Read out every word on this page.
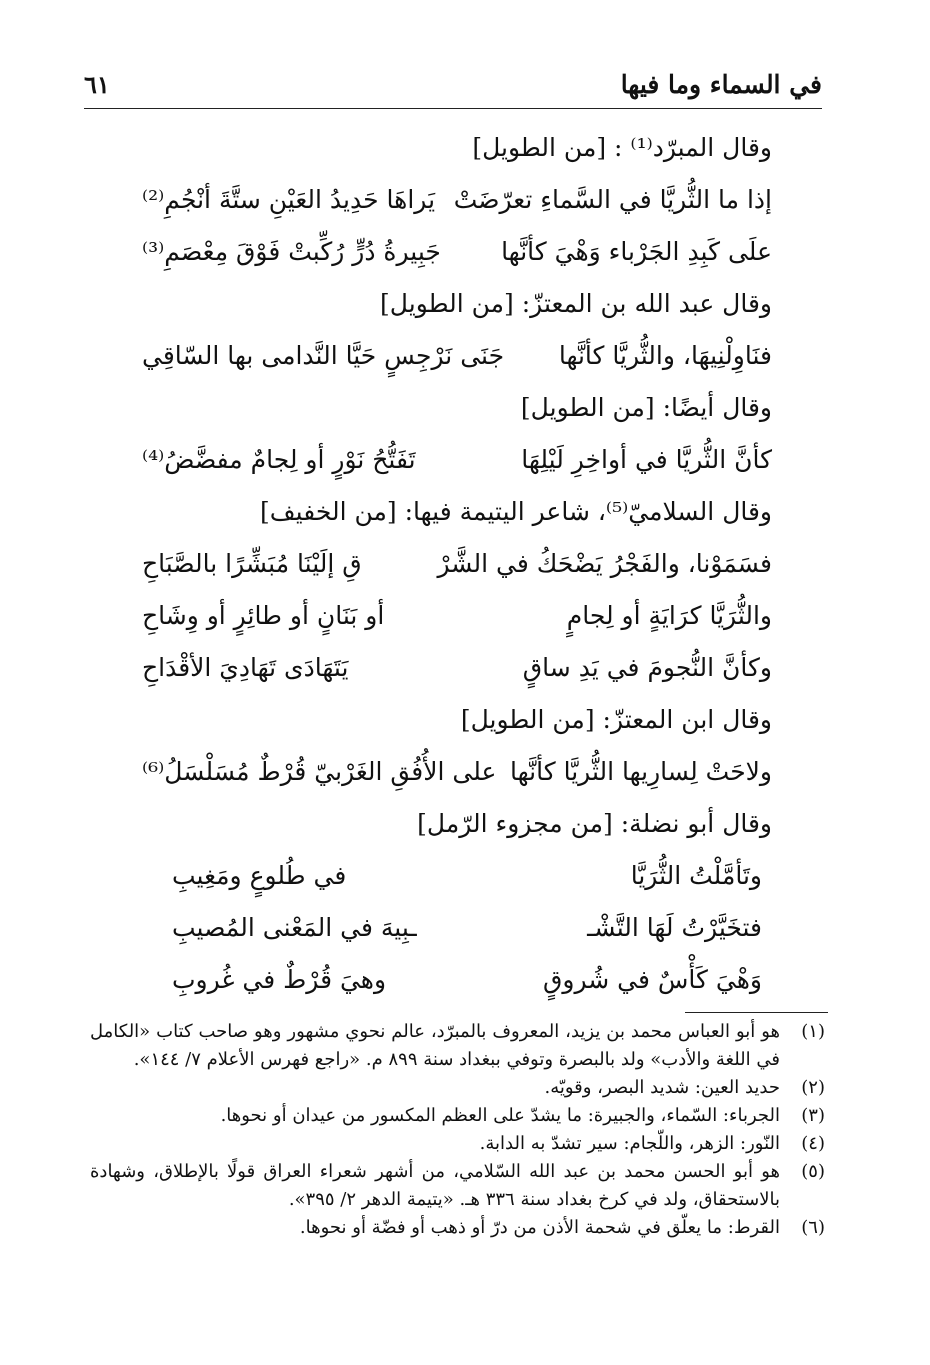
في السماء وما فيها
٦١
وقال المبرّد⁽¹⁾ : [من الطويل]
إذا ما الثُّريَّا في السَّماءِ تعرّضَتْ
يَراهَا حَدِيدُ العَيْنِ ستَّةَ أنْجُمِ⁽²⁾
علَى كَبِدِ الجَرْباء وَهْيَ كأنَّها
جَبِيرةُ دُرٍّ رُكِّبتْ فَوْقَ مِعْصَمِ⁽³⁾
وقال عبد الله بن المعتزّ: [من الطويل]
فنَاوِلْنِيهَا، والثُّريَّا كأنَّها
جَنَى نَرْجِسٍ حَيَّا النَّدامى بها السّاقِي
وقال أيضًا: [من الطويل]
كأنَّ الثُّريَّا في أواخِرِ لَيْلِهَا
تَفَتُّحُ نَوْرٍ أو لِجامٌ مفضَّضُ⁽⁴⁾
وقال السلاميّ⁽⁵⁾، شاعر اليتيمة فيها: [من الخفيف]
فسَمَوْنا، والفَجْرُ يَضْحَكُ في الشَّرْ
قِ إلَيْنَا مُبَشِّرًا بالصَّبَاحِ
والثُّرَيَّا كرَايَةٍ أو لِجامٍ
أو بَنَانٍ أو طائِرٍ أو وِشَاحِ
وكأنَّ النُّجومَ في يَدِ ساقٍ
يَتَهَادَى تَهَادِيَ الأقْدَاحِ
وقال ابن المعتزّ: [من الطويل]
ولاحَتْ لِسارِيها الثُّريَّا كأنَّها
على الأُفُقِ الغَرْبيّ قُرْطٌ مُسَلْسَلُ⁽⁶⁾
وقال أبو نضلة: [من مجزوء الرّمل]
وتَأمَّلْتُ الثُّرَيَّا
في طُلوعٍ ومَغِيبِ
فتخَيَّرْتُ لَهَا التَّشْـ
ـبِيهَ في المَعْنى المُصيبِ
وَهْيَ كَأْسٌ في شُروقٍ
وهيَ قُرْطٌ في غُروبِ
(١)
هو أبو العباس محمد بن يزيد، المعروف بالمبرّد، عالم نحوي مشهور وهو صاحب كتاب «الكامل في اللغة والأدب» ولد بالبصرة وتوفي ببغداد سنة ٨٩٩ م. «راجع فهرس الأعلام ٧/ ١٤٤».
(٢)
حديد العين: شديد البصر، وقويّه.
(٣)
الجرباء: السّماء، والجبيرة: ما يشدّ على العظم المكسور من عيدان أو نحوها.
(٤)
النّور: الزهر، واللّجام: سير تشدّ به الدابة.
(٥)
هو أبو الحسن محمد بن عبد الله السّلامي، من أشهر شعراء العراق قولًا بالإطلاق، وشهادة بالاستحقاق، ولد في كرخ بغداد سنة ٣٣٦ هـ. «يتيمة الدهر ٢/ ٣٩٥».
(٦)
القرط: ما يعلّق في شحمة الأذن من درّ أو ذهب أو فضّة أو نحوها.
